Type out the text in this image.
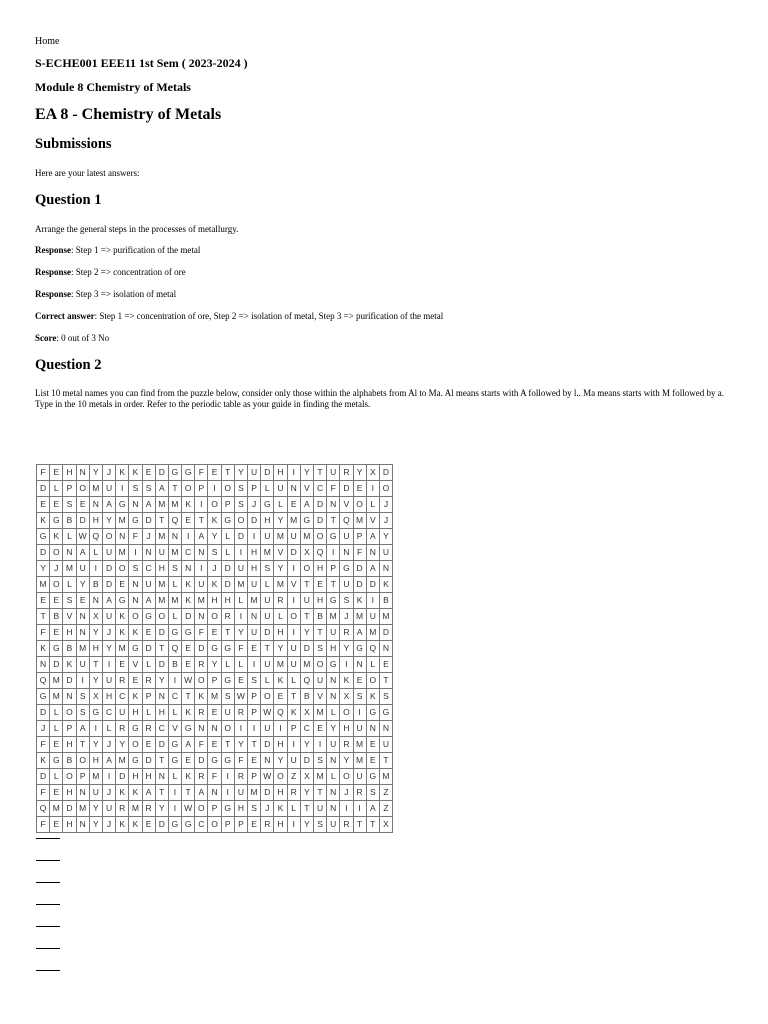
Home
S-ECHE001 EEE11 1st Sem ( 2023-2024 )
Module 8 Chemistry of Metals
EA 8 - Chemistry of Metals
Submissions
Here are your latest answers:
Question 1
Arrange the general steps in the processes of metallurgy.
Response: Step 1 => purification of the metal
Response: Step 2 => concentration of ore
Response: Step 3 => isolation of metal
Correct answer: Step 1 => concentration of ore, Step 2 => isolation of metal, Step 3 => purification of the metal
Score: 0 out of 3 No
Question 2
List 10 metal names you can find from the puzzle below, consider only those within the alphabets from Al to Ma. Al means starts with A followed by l.. Ma means starts with M followed by a. Type in the 10 metals in order. Refer to the periodic table as your guide in finding the metals.
F	E	H	N	Y	J	K	K	E	D	G	G	F	E	T	Y	U	D	H	I	Y	T	U	R	Y	X	D
D	L	P	O	M	U	I	S	S	A	T	O	P	I	O	S	P	L	U	N	V	C	F	D	E	I	O
E	E	S	E	N	A	G	N	A	M	M	K	I	O	P	S	J	G	L	E	A	D	N	V	O	L	J
K	G	B	D	H	Y	M	G	D	T	Q	E	T	K	G	O	D	H	Y	M	G	D	T	Q	M	V	J
G	K	L	W	Q	O	N	F	J	M	N	I	A	Y	L	D	I	U	M	U	M	O	G	U	P	A	Y
D	O	N	A	L	U	M	I	N	U	M	C	N	S	L	I	H	M	V	D	X	Q	I	N	F	N	U
Y	J	M	U	I	D	O	S	C	H	S	N	I	J	D	U	H	S	Y	I	O	H	P	G	D	A	N
M	O	L	Y	B	D	E	N	U	M	L	K	U	K	D	M	U	L	M	V	T	E	T	U	D	D	K
E	E	S	E	N	A	G	N	A	M	M	K	M	H	H	L	M	U	R	I	U	H	G	S	K	I	B
T	B	V	N	X	U	K	O	G	O	L	D	N	O	R	I	N	U	L	O	T	B	M	J	M	U	M
F	E	H	N	Y	J	K	K	E	D	G	G	F	E	T	Y	U	D	H	I	Y	T	U	R	A	M	D
K	G	B	M	H	Y	M	G	D	T	Q	E	D	G	G	F	E	T	Y	U	D	S	H	Y	G	Q	N
N	D	K	U	T	I	E	V	L	D	B	E	R	Y	L	L	I	U	M	U	M	O	G	I	N	L	E
Q	M	D	I	Y	U	R	E	R	Y	I	W	O	P	G	E	S	L	K	L	Q	U	N	K	E	O	T
G	M	N	S	X	H	C	K	P	N	C	T	K	M	S	W	P	O	E	T	B	V	N	X	S	K	S
D	L	O	S	G	C	U	H	L	H	L	K	R	E	U	R	P	W	Q	K	X	M	L	O	I	G	G
J	L	P	A	I	L	R	G	R	C	V	G	N	N	O	I	I	U	I	P	C	E	Y	H	U	N	N
F	E	H	T	Y	J	Y	O	E	D	G	A	F	E	T	Y	T	D	H	I	Y	I	U	R	M	E	U
K	G	B	O	H	A	M	G	D	T	G	E	D	G	G	F	E	N	Y	U	D	S	N	Y	M	E	T
D	L	O	P	M	I	D	H	H	N	L	K	R	F	I	R	P	W	O	Z	X	M	L	O	U	G	M
F	E	H	N	U	J	K	K	A	T	I	T	A	N	I	U	M	D	H	R	Y	T	N	J	R	S	Z
Q	M	D	M	Y	U	R	M	R	Y	I	W	O	P	G	H	S	J	K	L	T	U	N	I	I	A	Z
F	E	H	N	Y	J	K	K	E	D	G	G	C	O	P	P	E	R	H	I	Y	S	U	R	T	T	X
